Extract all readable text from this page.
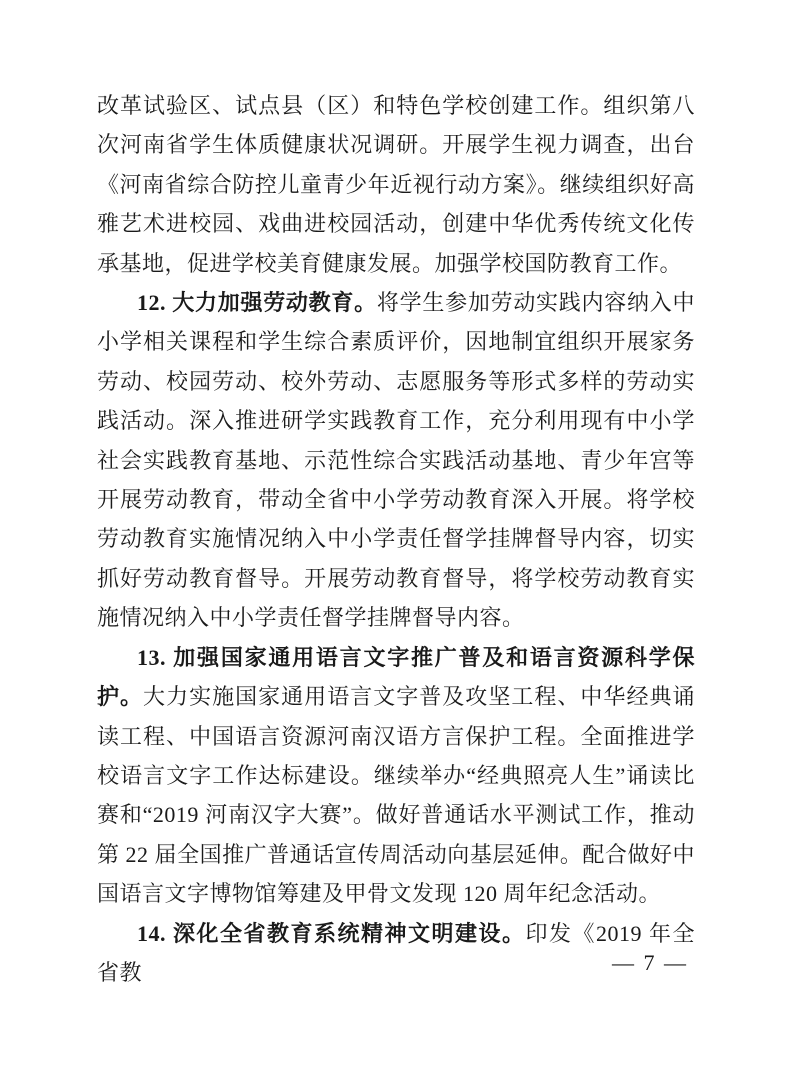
改革试验区、试点县（区）和特色学校创建工作。组织第八次河南省学生体质健康状况调研。开展学生视力调查，出台《河南省综合防控儿童青少年近视行动方案》。继续组织好高雅艺术进校园、戏曲进校园活动，创建中华优秀传统文化传承基地，促进学校美育健康发展。加强学校国防教育工作。

12. 大力加强劳动教育。将学生参加劳动实践内容纳入中小学相关课程和学生综合素质评价，因地制宜组织开展家务劳动、校园劳动、校外劳动、志愿服务等形式多样的劳动实践活动。深入推进研学实践教育工作，充分利用现有中小学社会实践教育基地、示范性综合实践活动基地、青少年宫等开展劳动教育，带动全省中小学劳动教育深入开展。将学校劳动教育实施情况纳入中小学责任督学挂牌督导内容，切实抓好劳动教育督导。开展劳动教育督导，将学校劳动教育实施情况纳入中小学责任督学挂牌督导内容。

13. 加强国家通用语言文字推广普及和语言资源科学保护。大力实施国家通用语言文字普及攻坚工程、中华经典诵读工程、中国语言资源河南汉语方言保护工程。全面推进学校语言文字工作达标建设。继续举办“经典照亮人生”诵读比赛和“2019 河南汉字大赛”。做好普通话水平测试工作，推动第 22 届全国推广普通话宣传周活动向基层延伸。配合做好中国语言文字博物馆筹建及甲骨文发现 120 周年纪念活动。

14. 深化全省教育系统精神文明建设。印发《2019 年全省教	— 7 —
